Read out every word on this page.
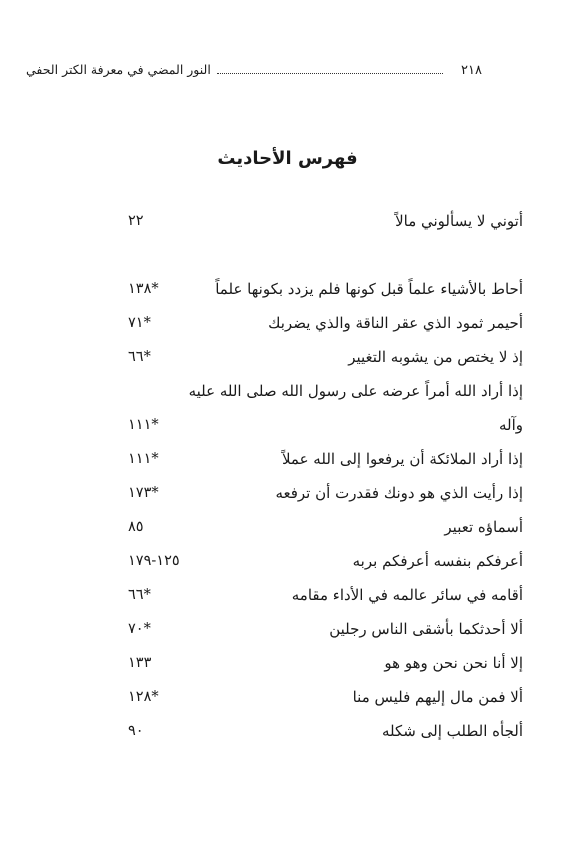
٢١٨
النور المضي في معرفة الكتر الحفي
فهرس الأحاديث
أتوني لا يسألوني مالاً
٢٢
أحاط بالأشياء علماً قبل كونها فلم يزدد بكونها علماً
*١٣٨
أحيمر ثمود الذي عقر الناقة والذي يضربك
*٧١
إذ لا يختص من يشوبه التغيير
*٦٦
إذا أراد الله أمراً عرضه على رسول الله صلى الله عليه وآله
*١١١
إذا أراد الملائكة أن يرفعوا إلى الله عملاً
*١١١
إذا رأيت الذي هو دونك فقدرت أن ترفعه
*١٧٣
أسماؤه تعبير
٨٥
أعرفكم بنفسه أعرفكم بربه
١٢٥-١٧٩
أقامه في سائر عالمه في الأداء مقامه
*٦٦
ألا أحدثكما بأشقى الناس رجلين
*٧٠
إلا أنا نحن نحن وهو هو
١٣٣
ألا فمن مال إليهم فليس منا
*١٢٨
ألجأه الطلب إلى شكله
٩٠
